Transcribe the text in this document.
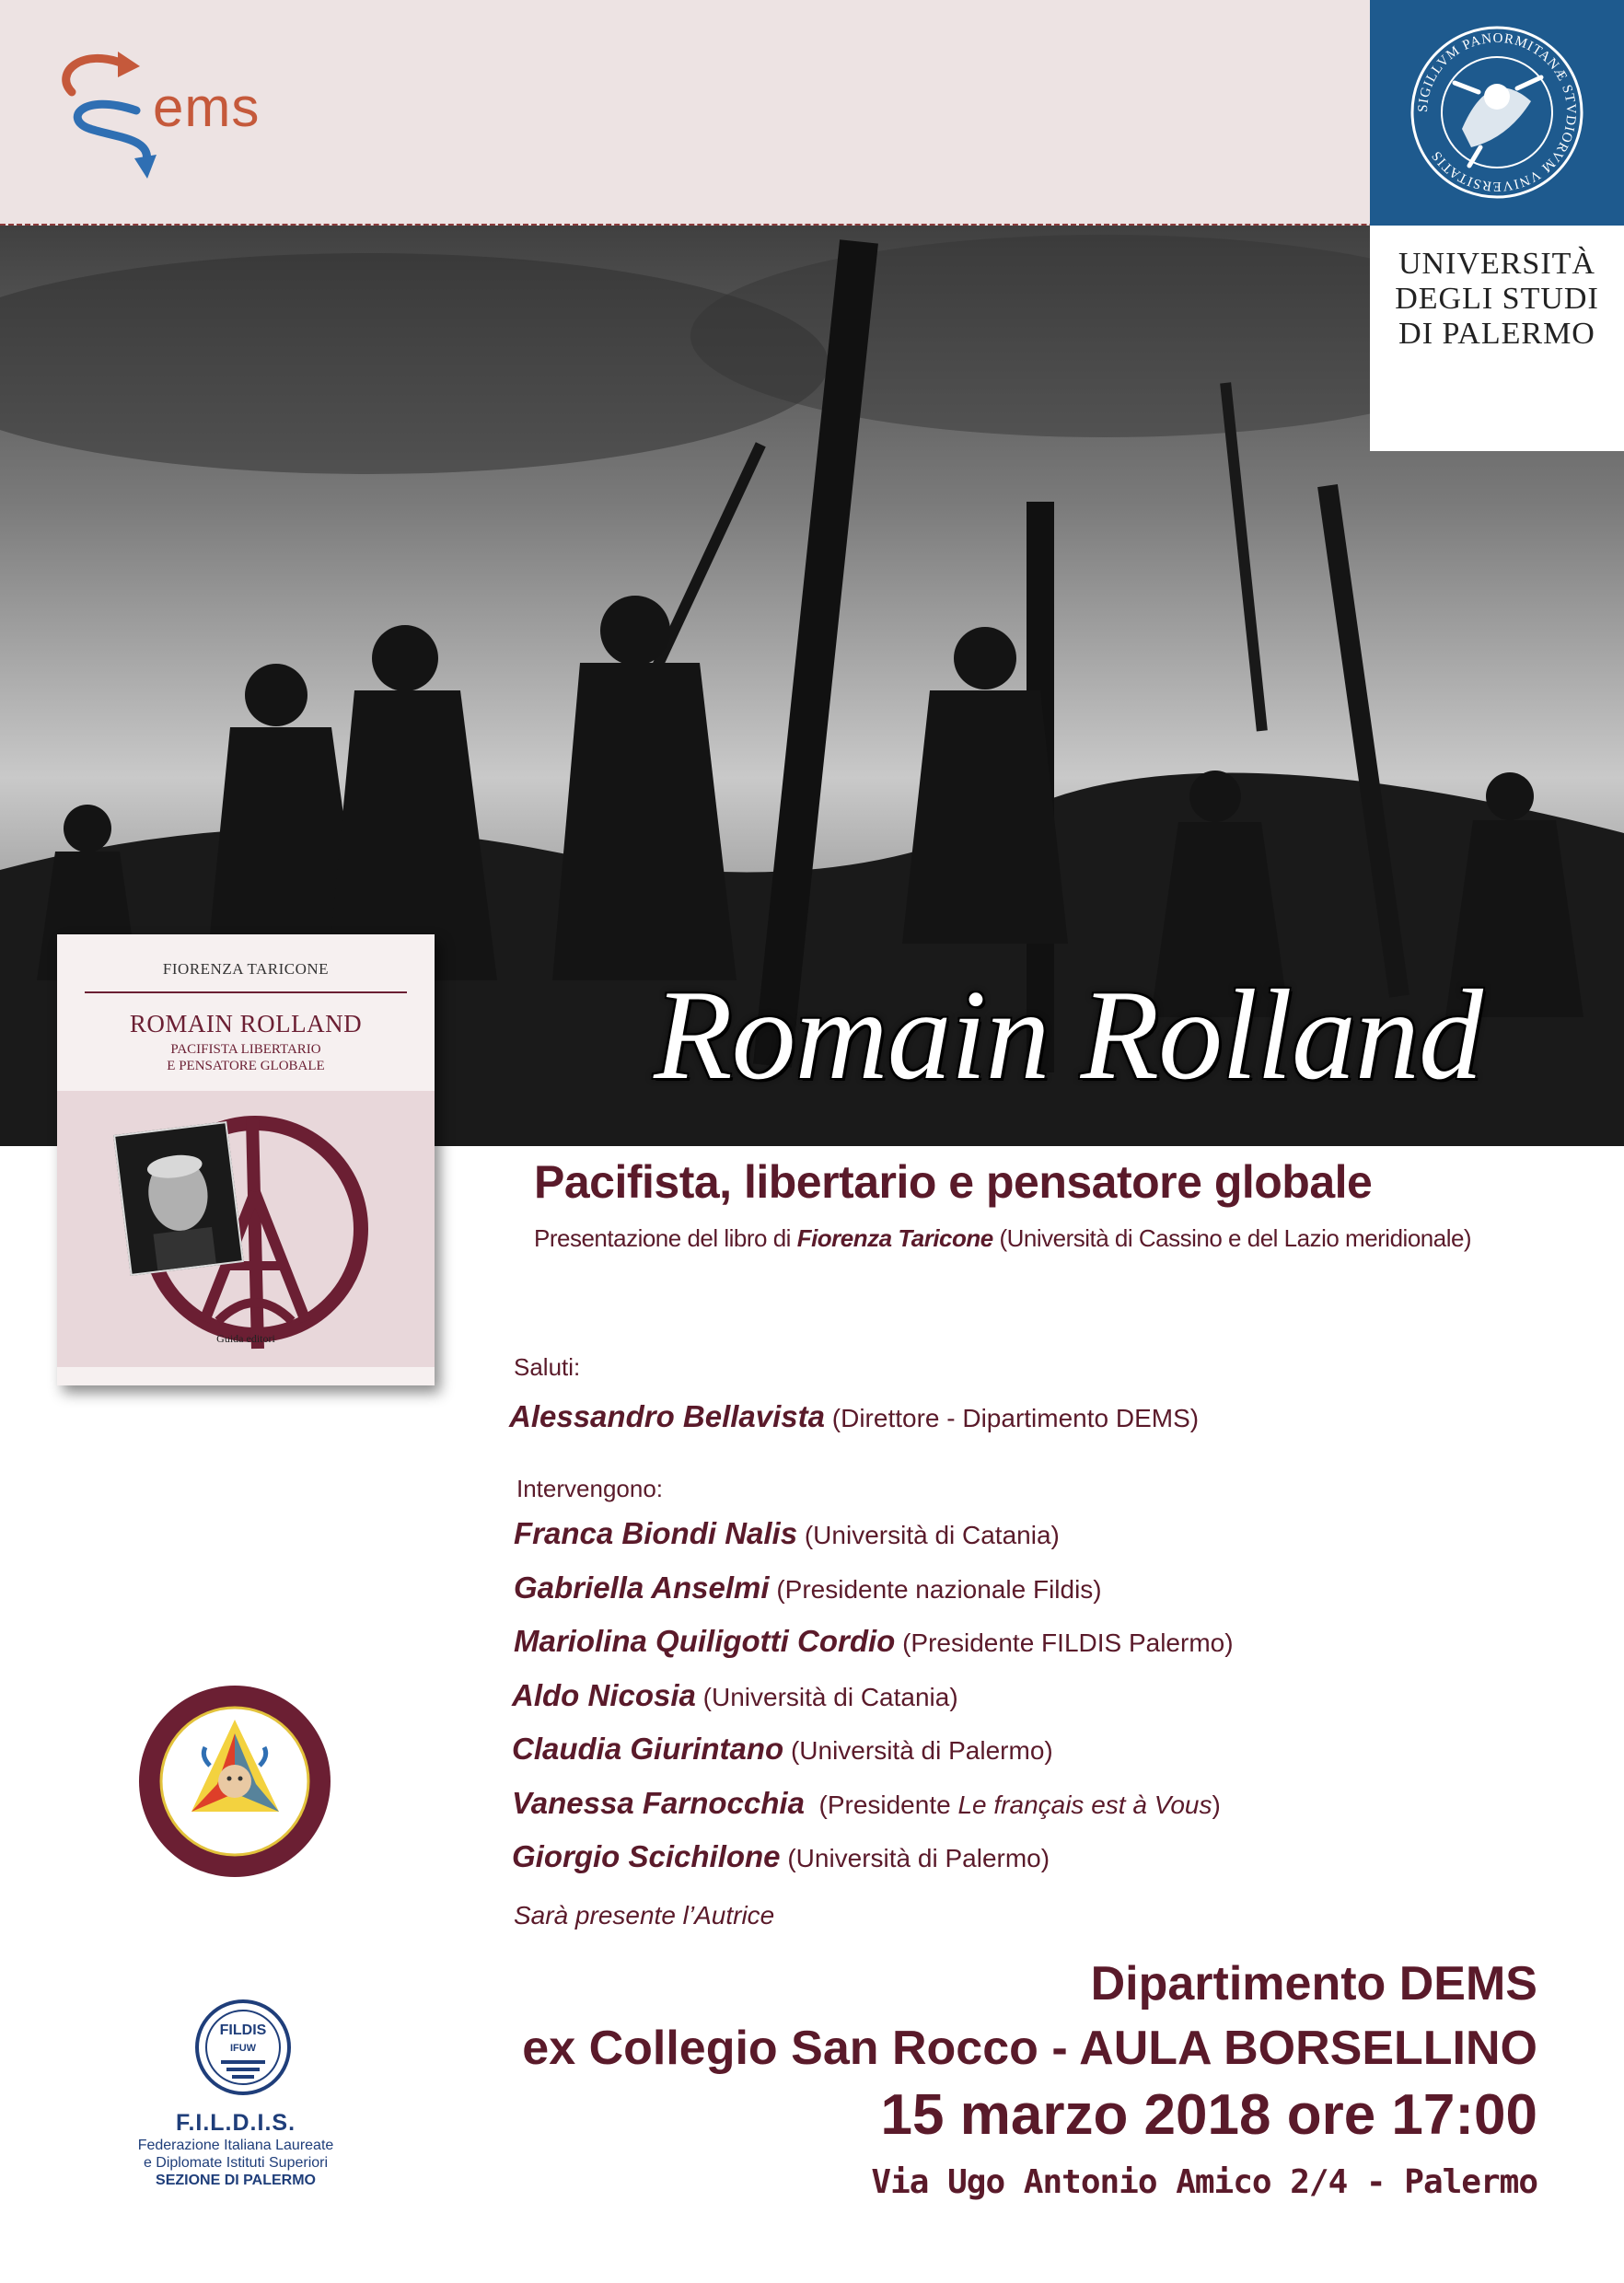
ems	SIGILLVM PANORMITANÆ STVDIORVM VNIVERSITATIS
UNIVERSITÀ
DEGLI STUDI
DI PALERMO
FIORENZA TARICONE
ROMAIN ROLLAND
PACIFISTA LIBERTARIO
E PENSATORE GLOBALE
Guida editori
Romain Rolland
Pacifista, libertario e pensatore globale
Presentazione del libro di Fiorenza Taricone (Università di Cassino e del Lazio meridionale)
Saluti:
Alessandro Bellavista (Direttore - Dipartimento DEMS)
Intervengono:
Franca Biondi Nalis (Università di Catania)
Gabriella Anselmi (Presidente nazionale Fildis)
Mariolina Quiligotti Cordio (Presidente FILDIS Palermo)
Aldo Nicosia (Università di Catania)
Claudia Giurintano (Università di Palermo)
Vanessa Farnocchia  (Presidente Le français est à Vous)
Giorgio Scichilone (Università di Palermo)
Sarà presente l’Autrice
Dipartimento DEMS
ex Collegio San Rocco - AULA BORSELLINO
15 marzo 2018 ore 17:00
Via Ugo Antonio Amico 2/4 - Palermo
FILDIS
IFUW
F.I.L.D.I.S.
Federazione Italiana Laureate
e Diplomate Istituti Superiori
SEZIONE DI PALERMO
